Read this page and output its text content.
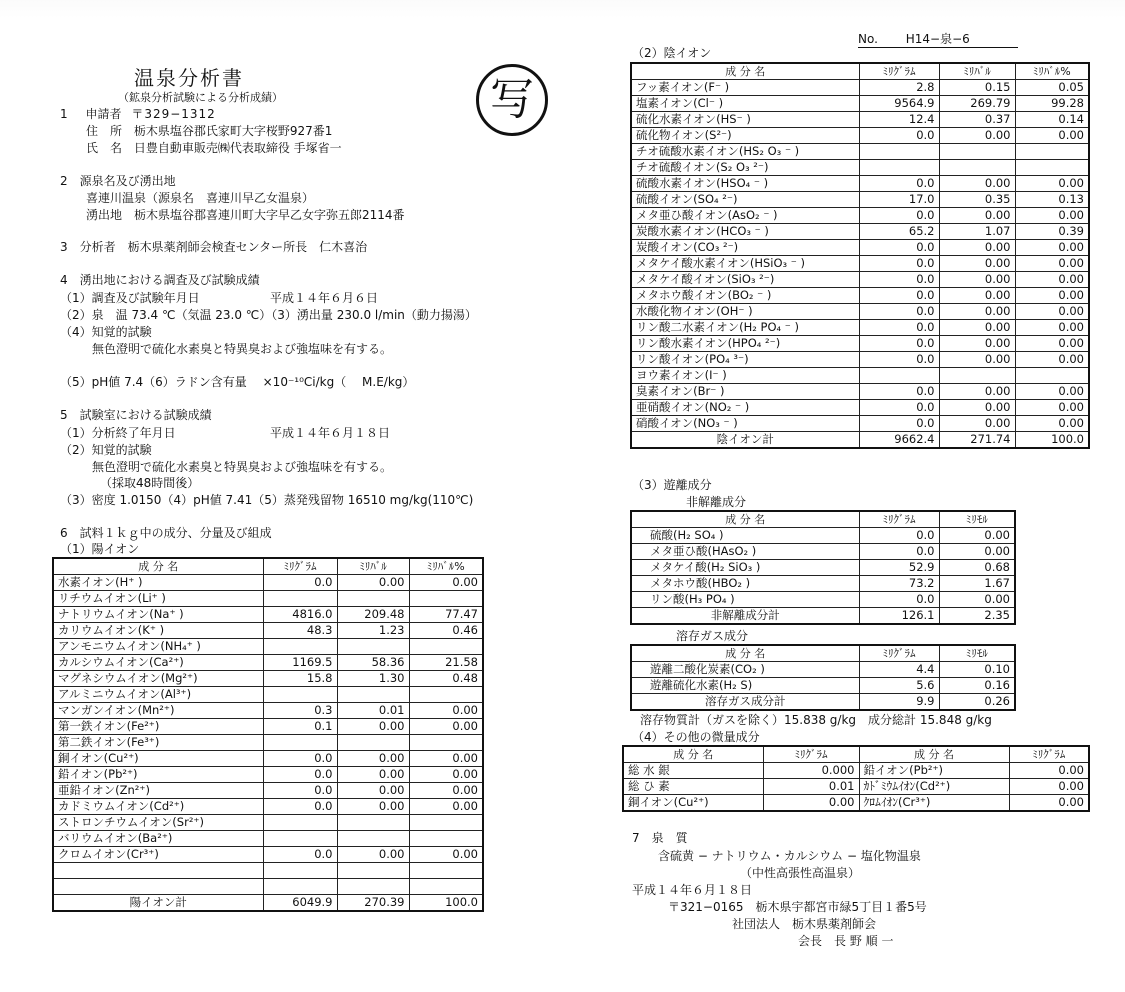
No. H14−泉−6
温泉分析書
（鉱泉分析試験による分析成績）	写
1 申請者 〒329−1312
住　所 栃木県塩谷郡氏家町大字桜野927番1
氏　名 日豊自動車販売㈱代表取締役 手塚省一
2　源泉名及び湧出地
喜連川温泉（源泉名　喜連川早乙女温泉）
湧出地　栃木県塩谷郡喜連川町大字早乙女字弥五郎2114番
3　分析者　栃木県薬剤師会検査センター所長　仁木喜治
4　湧出地における調査及び試験成績
（1）調査及び試験年月日	平成１４年６月６日
（2）泉　温 73.4 ℃（気温 23.0 ℃）（3）湧出量 230.0 l/min（動力揚湯）
（4）知覚的試験
無色澄明で硫化水素臭と特異臭および強塩味を有する。
（5）pH値 7.4（6）ラドン含有量　 ×10⁻¹⁰Ci/kg（　 M.E/kg）
5　試験室における試験成績
（1）分析終了年月日	平成１４年６月１８日
（2）知覚的試験
無色澄明で硫化水素臭と特異臭および強塩味を有する。
（採取48時間後）
（3）密度 1.0150（4）pH値 7.41（5）蒸発残留物 16510 mg/kg(110℃)
6　試料１ｋｇ中の成分、分量及び組成
（1）陽イオン
成 分 名	ﾐﾘｸﾞﾗﾑ	ﾐﾘﾊﾞﾙ	ﾐﾘﾊﾞﾙ%
水素イオン(H⁺ )	0.0	0.00	0.00
リチウムイオン(Li⁺ )			
ナトリウムイオン(Na⁺ )	4816.0	209.48	77.47
カリウムイオン(K⁺ )	48.3	1.23	0.46
アンモニウムイオン(NH₄⁺ )			
カルシウムイオン(Ca²⁺)	1169.5	58.36	21.58
マグネシウムイオン(Mg²⁺)	15.8	1.30	0.48
アルミニウムイオン(Al³⁺)			
マンガンイオン(Mn²⁺)	0.3	0.01	0.00
第一鉄イオン(Fe²⁺)	0.1	0.00	0.00
第二鉄イオン(Fe³⁺)			
銅イオン(Cu²⁺)	0.0	0.00	0.00
鉛イオン(Pb²⁺)	0.0	0.00	0.00
亜鉛イオン(Zn²⁺)	0.0	0.00	0.00
カドミウムイオン(Cd²⁺)	0.0	0.00	0.00
ストロンチウムイオン(Sr²⁺)			
バリウムイオン(Ba²⁺)			
クロムイオン(Cr³⁺)	0.0	0.00	0.00

陽イオン計	6049.9	270.39	100.0
（2）陰イオン
成 分 名	ﾐﾘｸﾞﾗﾑ	ﾐﾘﾊﾞﾙ	ﾐﾘﾊﾞﾙ%
フッ素イオン(F⁻ )	2.8	0.15	0.05
塩素イオン(Cl⁻ )	9564.9	269.79	99.28
硫化水素イオン(HS⁻ )	12.4	0.37	0.14
硫化物イオン(S²⁻)	0.0	0.00	0.00
チオ硫酸水素イオン(HS₂ O₃ ⁻ )			
チオ硫酸イオン(S₂ O₃ ²⁻)			
硫酸水素イオン(HSO₄ ⁻ )	0.0	0.00	0.00
硫酸イオン(SO₄ ²⁻)	17.0	0.35	0.13
メタ亜ひ酸イオン(AsO₂ ⁻ )	0.0	0.00	0.00
炭酸水素イオン(HCO₃ ⁻ )	65.2	1.07	0.39
炭酸イオン(CO₃ ²⁻)	0.0	0.00	0.00
メタケイ酸水素イオン(HSiO₃ ⁻ )	0.0	0.00	0.00
メタケイ酸イオン(SiO₃ ²⁻)	0.0	0.00	0.00
メタホウ酸イオン(BO₂ ⁻ )	0.0	0.00	0.00
水酸化物イオン(OH⁻ )	0.0	0.00	0.00
リン酸二水素イオン(H₂ PO₄ ⁻ )	0.0	0.00	0.00
リン酸水素イオン(HPO₄ ²⁻)	0.0	0.00	0.00
リン酸イオン(PO₄ ³⁻)	0.0	0.00	0.00
ヨウ素イオン(I⁻ )			
臭素イオン(Br⁻ )	0.0	0.00	0.00
亜硝酸イオン(NO₂ ⁻ )	0.0	0.00	0.00
硝酸イオン(NO₃ ⁻ )	0.0	0.00	0.00
陰イオン計	9662.4	271.74	100.0
（3）遊離成分
非解離成分
成 分 名	ﾐﾘｸﾞﾗﾑ	ﾐﾘﾓﾙ
硫酸(H₂ SO₄ )	0.0	0.00
メタ亜ひ酸(HAsO₂ )	0.0	0.00
メタケイ酸(H₂ SiO₃ )	52.9	0.68
メタホウ酸(HBO₂ )	73.2	1.67
リン酸(H₃ PO₄ )	0.0	0.00
非解離成分計	126.1	2.35
溶存ガス成分
成 分 名	ﾐﾘｸﾞﾗﾑ	ﾐﾘﾓﾙ
遊離二酸化炭素(CO₂ )	4.4	0.10
遊離硫化水素(H₂ S)	5.6	0.16
溶存ガス成分計	9.9	0.26
溶存物質計（ガスを除く）15.838 g/kg　成分総計 15.848 g/kg
（4）その他の微量成分
成 分 名	ﾐﾘｸﾞﾗﾑ	成 分 名	ﾐﾘｸﾞﾗﾑ
総 水 銀	0.000	鉛イオン(Pb²⁺)	0.00
総 ひ 素	0.01	ｶﾄﾞﾐｳﾑｲｵﾝ(Cd²⁺)	0.00
銅イオン(Cu²⁺)	0.00	ｸﾛﾑｲｵﾝ(Cr³⁺)	0.00
7　泉　質
含硫黄 − ナトリウム・カルシウム − 塩化物温泉
（中性高張性高温泉）
平成１４年６月１８日
〒321−0165　栃木県宇都宮市緑5丁目１番5号
社団法人　栃木県薬剤師会
会長　長 野 順 一
